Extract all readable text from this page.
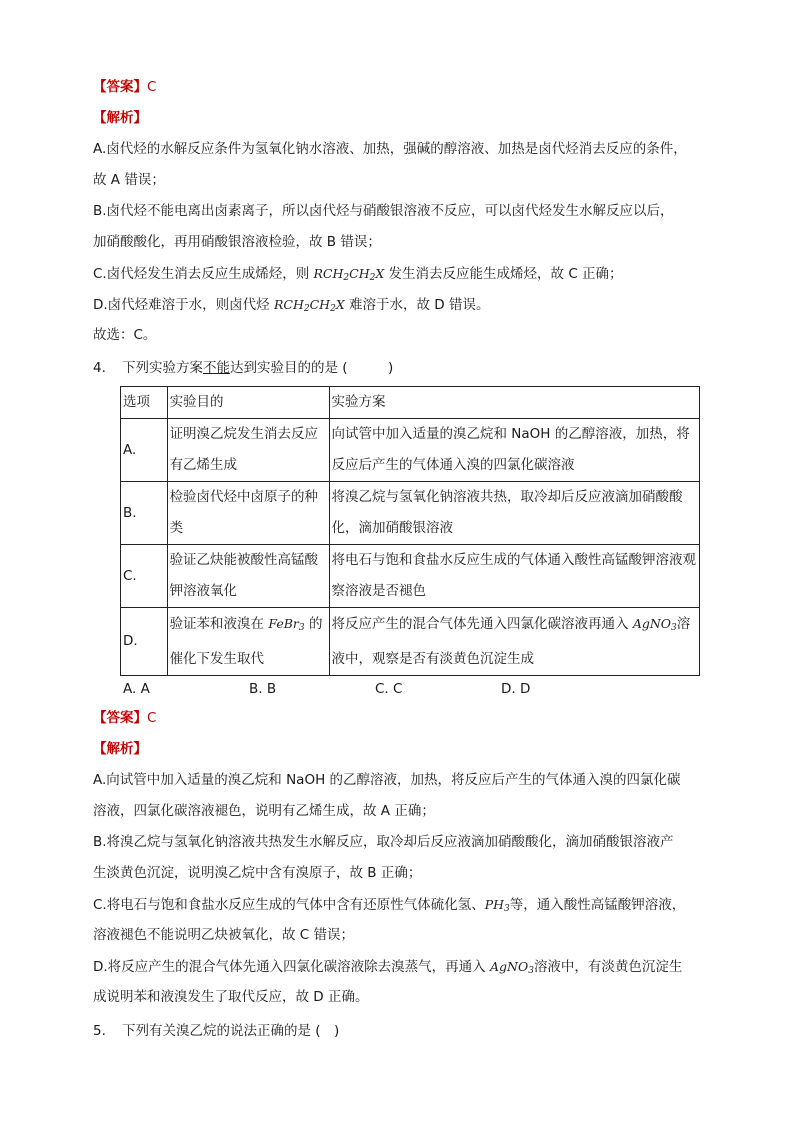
【答案】C
【解析】
A.卤代烃的水解反应条件为氢氧化钠水溶液、加热，强碱的醇溶液、加热是卤代烃消去反应的条件，
故 A 错误；
B.卤代烃不能电离出卤素离子，所以卤代烃与硝酸银溶液不反应，可以卤代烃发生水解反应以后，
加硝酸酸化，再用硝酸银溶液检验，故 B 错误；
C.卤代烃发生消去反应生成烯烃，则 $RCH_2CH_2X$ 发生消去反应能生成烯烃，故 C 正确；
D.卤代烃难溶于水，则卤代烃 $RCH_2CH_2X$ 难溶于水，故 D 错误。
故选：C。
4. 下列实验方案不能达到实验目的的是 (　　　)
选项	实验目的	实验方案
A.	证明溴乙烷发生消去反应有乙烯生成	向试管中加入适量的溴乙烷和 NaOH 的乙醇溶液，加热，将反应后产生的气体通入溴的四氯化碳溶液

B.	检验卤代烃中卤原子的种类	将溴乙烷与氢氧化钠溶液共热，取冷却后反应液滴加硝酸酸化，滴加硝酸银溶液

C.	验证乙炔能被酸性高锰酸钾溶液氧化	将电石与饱和食盐水反应生成的气体通入酸性高锰酸钾溶液观察溶液是否褪色

D.	验证苯和液溴在 FeBr$_3$ 的催化下发生取代	将反应产生的混合气体先通入四氯化碳溶液再通入 AgNO$_3$溶液中，观察是否有淡黄色沉淀生成
A. A	B. B	C. C	D. D
【答案】C
【解析】
A.向试管中加入适量的溴乙烷和 NaOH 的乙醇溶液，加热，将反应后产生的气体通入溴的四氯化碳
溶液，四氯化碳溶液褪色，说明有乙烯生成，故 A 正确；
B.将溴乙烷与氢氧化钠溶液共热发生水解反应，取冷却后反应液滴加硝酸酸化，滴加硝酸银溶液产
生淡黄色沉淀，说明溴乙烷中含有溴原子，故 B 正确；
C.将电石与饱和食盐水反应生成的气体中含有还原性气体硫化氢、$PH_3$等，通入酸性高锰酸钾溶液，
溶液褪色不能说明乙炔被氧化，故 C 错误；
D.将反应产生的混合气体先通入四氯化碳溶液除去溴蒸气，再通入 AgNO$_3$溶液中，有淡黄色沉淀生
成说明苯和液溴发生了取代反应，故 D 正确。
5. 下列有关溴乙烷的说法正确的是 (　)
